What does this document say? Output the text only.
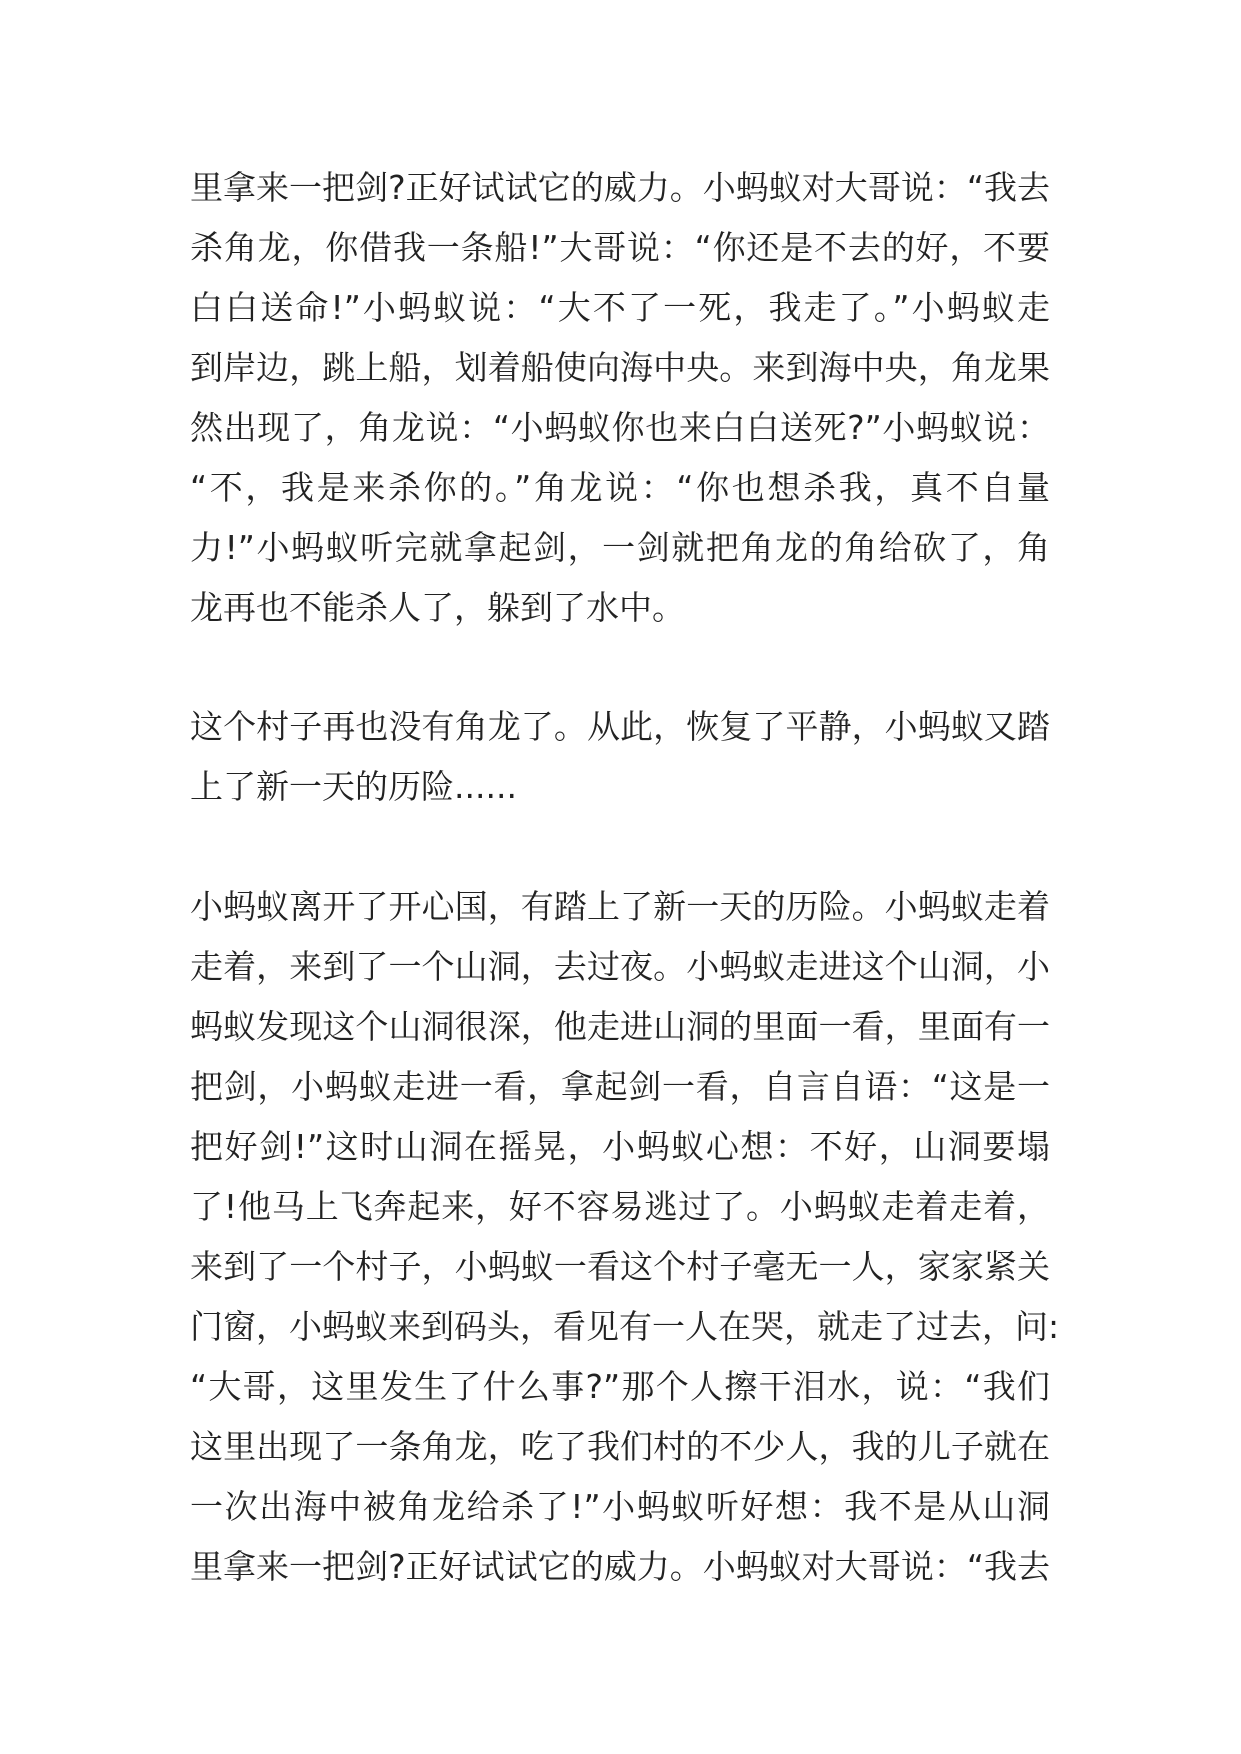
里拿来一把剑?正好试试它的威力。小蚂蚁对大哥说：“我去
杀角龙，你借我一条船!”大哥说：“你还是不去的好，不要
白白送命!”小蚂蚁说：“大不了一死，我走了。”小蚂蚁走
到岸边，跳上船，划着船使向海中央。来到海中央，角龙果
然出现了，角龙说：“小蚂蚁你也来白白送死?”小蚂蚁说：
“不，我是来杀你的。”角龙说：“你也想杀我，真不自量
力!”小蚂蚁听完就拿起剑，一剑就把角龙的角给砍了，角
龙再也不能杀人了，躲到了水中。
这个村子再也没有角龙了。从此，恢复了平静，小蚂蚁又踏
上了新一天的历险......
小蚂蚁离开了开心国，有踏上了新一天的历险。小蚂蚁走着
走着，来到了一个山洞，去过夜。小蚂蚁走进这个山洞，小
蚂蚁发现这个山洞很深，他走进山洞的里面一看，里面有一
把剑，小蚂蚁走进一看，拿起剑一看，自言自语：“这是一
把好剑!”这时山洞在摇晃，小蚂蚁心想：不好，山洞要塌
了!他马上飞奔起来，好不容易逃过了。小蚂蚁走着走着，
来到了一个村子，小蚂蚁一看这个村子毫无一人，家家紧关
门窗，小蚂蚁来到码头，看见有一人在哭，就走了过去，问:
“大哥，这里发生了什么事?”那个人擦干泪水，说：“我们
这里出现了一条角龙，吃了我们村的不少人，我的儿子就在
一次出海中被角龙给杀了!”小蚂蚁听好想：我不是从山洞
里拿来一把剑?正好试试它的威力。小蚂蚁对大哥说：“我去
